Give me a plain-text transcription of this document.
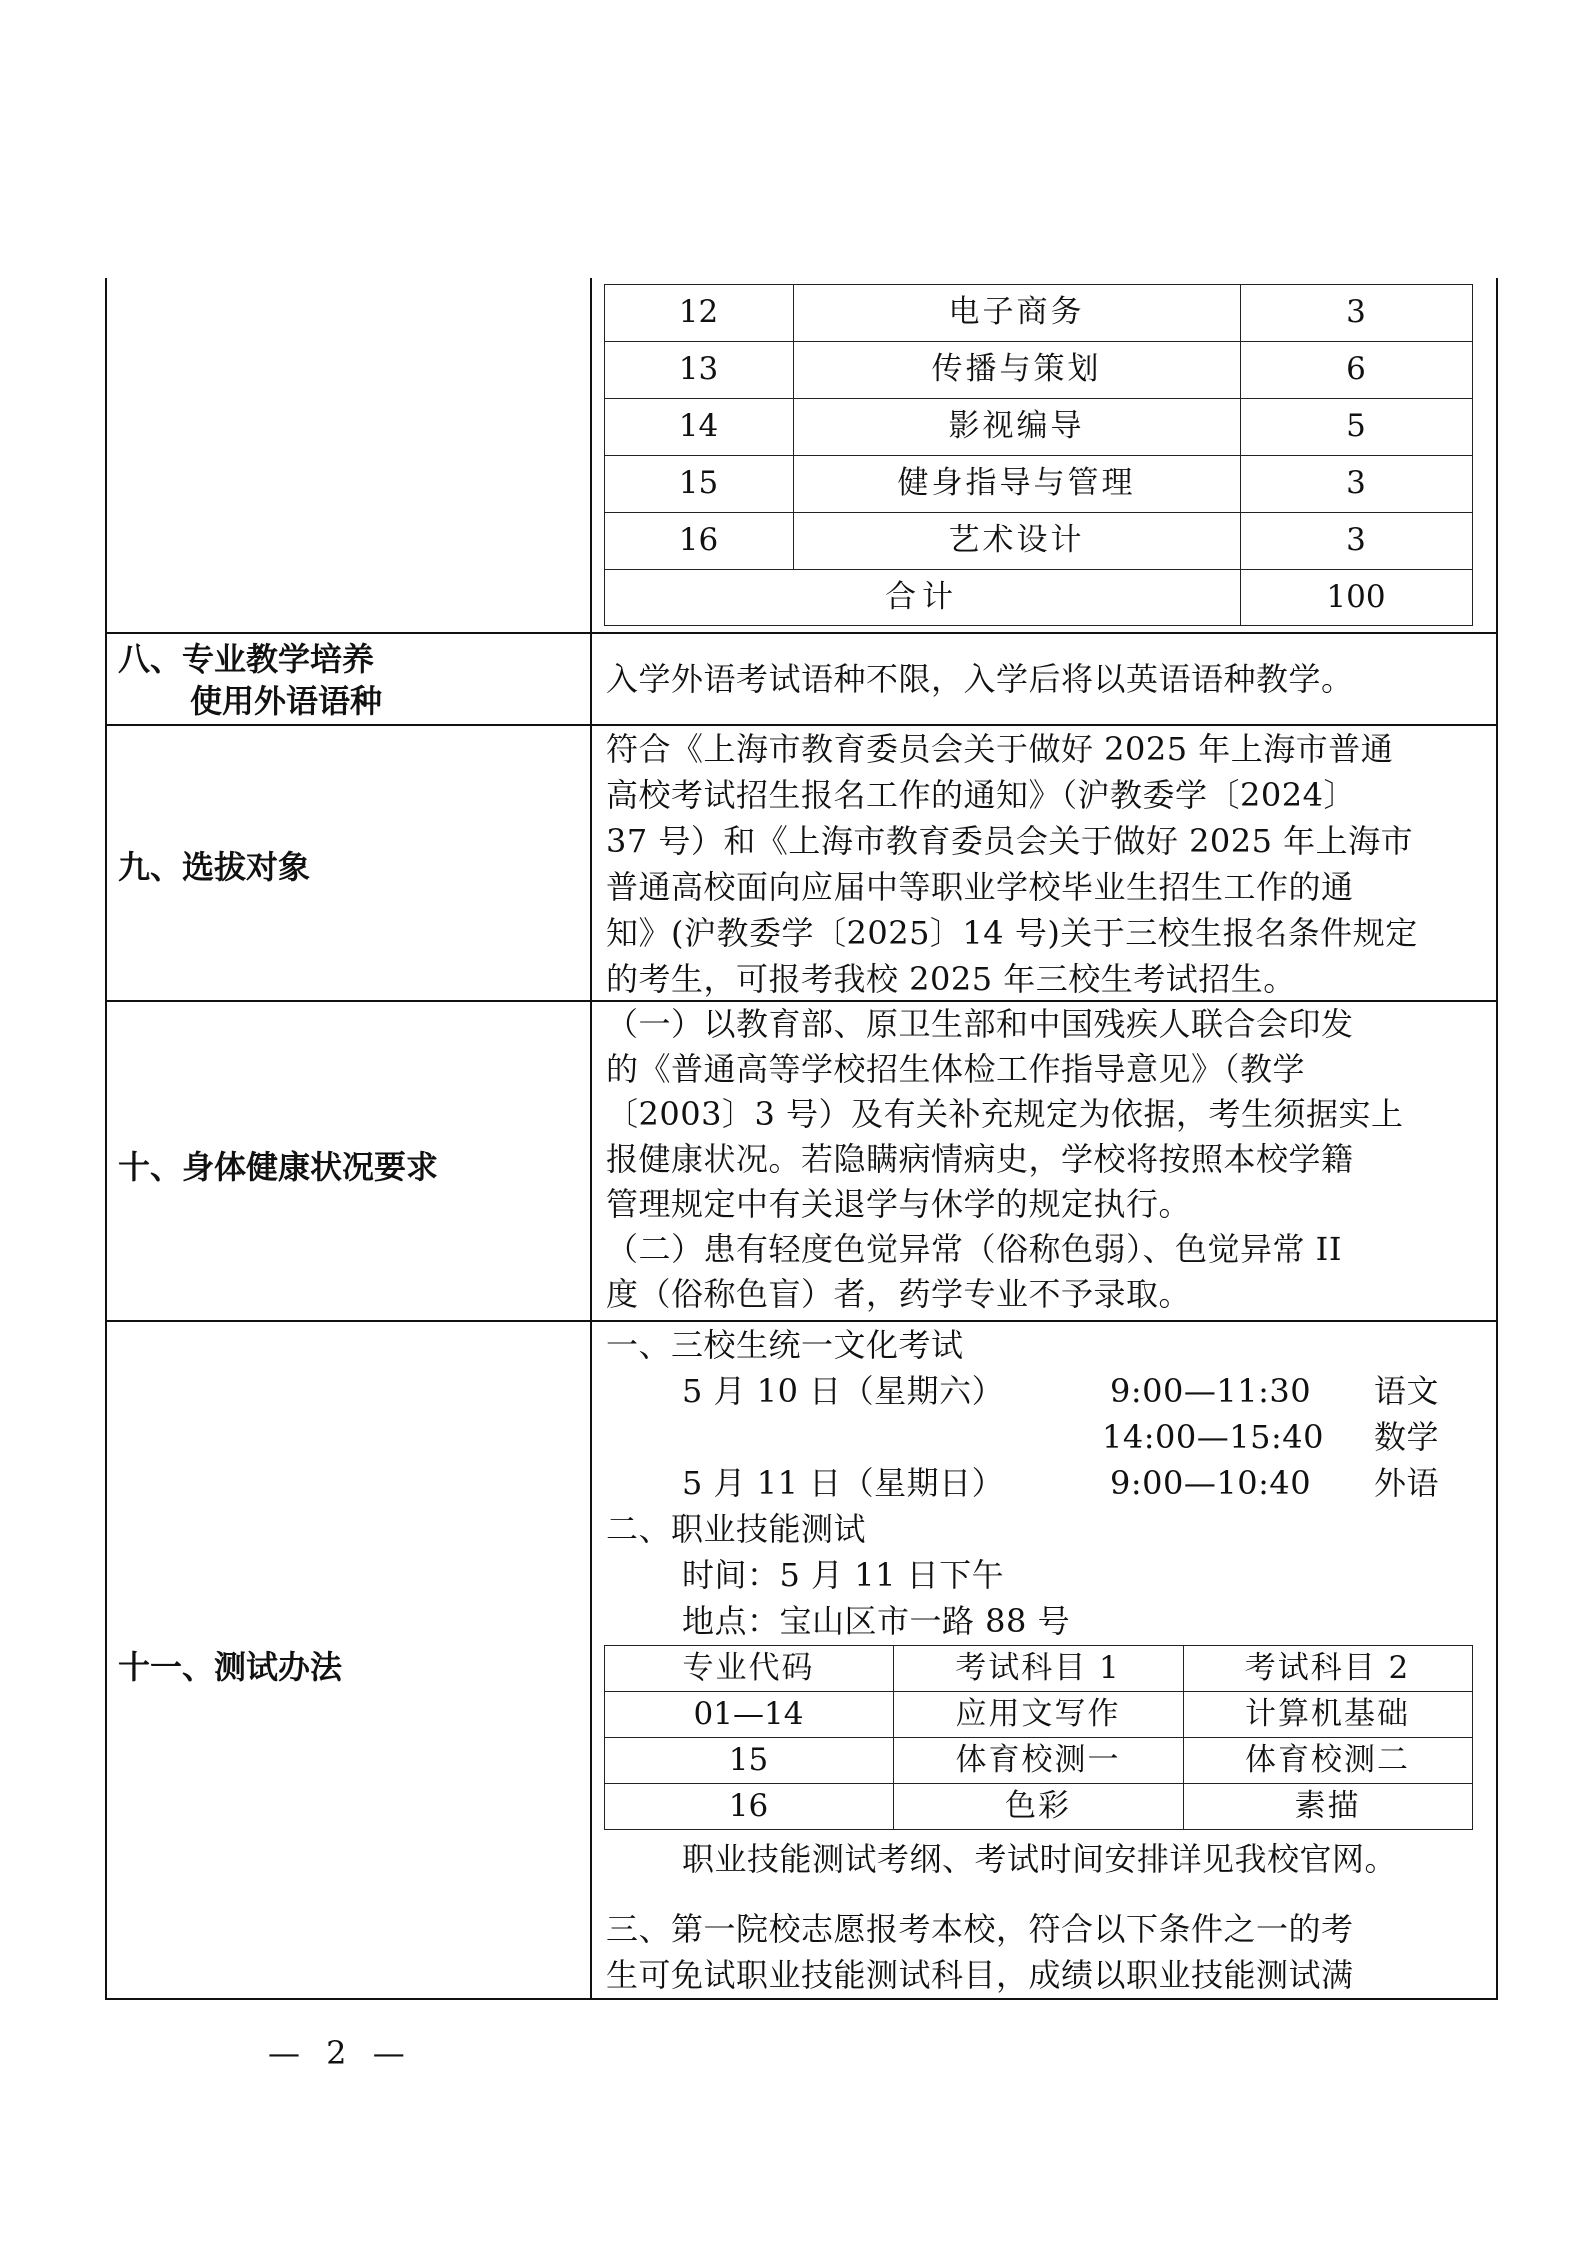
12	电子商务	3
13	传播与策划	6
14	影视编导	5
15	健身指导与管理	3
16	艺术设计	3
合计	100
八、专业教学培养
使用外语语种
入学外语考试语种不限，入学后将以英语语种教学。
九、选拔对象
符合《上海市教育委员会关于做好 2025 年上海市普通
高校考试招生报名工作的通知》（沪教委学〔2024〕
37 号）和《上海市教育委员会关于做好 2025 年上海市
普通高校面向应届中等职业学校毕业生招生工作的通
知》(沪教委学〔2025〕14 号)关于三校生报名条件规定
的考生，可报考我校 2025 年三校生考试招生。
十、身体健康状况要求
（一）以教育部、原卫生部和中国残疾人联合会印发
的《普通高等学校招生体检工作指导意见》（教学
〔2003〕3 号）及有关补充规定为依据，考生须据实上
报健康状况。若隐瞒病情病史，学校将按照本校学籍
管理规定中有关退学与休学的规定执行。
（二）患有轻度色觉异常（俗称色弱）、色觉异常 II
度（俗称色盲）者，药学专业不予录取。
十一、测试办法
一、三校生统一文化考试
5 月 10 日（星期六）	9:00—11:30 语文
14:00—15:40 数学
5 月 11 日（星期日）	9:00—10:40 外语
二、职业技能测试
时间：5 月 11 日下午
地点：宝山区市一路 88 号
专业代码	考试科目 1	考试科目 2
01—14	应用文写作	计算机基础
15	体育校测一	体育校测二
16	色彩	素描
职业技能测试考纲、考试时间安排详见我校官网。
三、第一院校志愿报考本校，符合以下条件之一的考
生可免试职业技能测试科目，成绩以职业技能测试满
— 2 —
